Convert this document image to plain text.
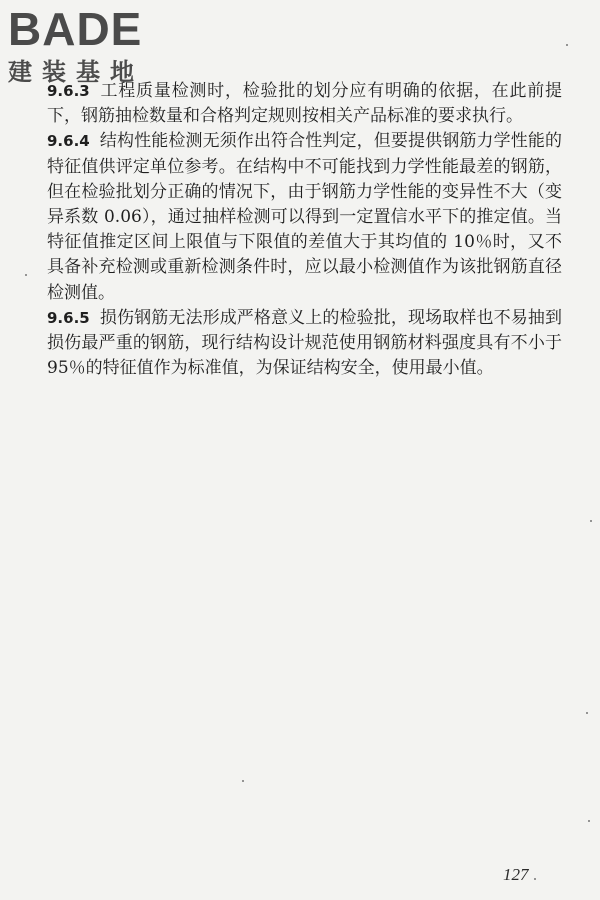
BADE
建装基地

9.6.3 工程质量检测时，检验批的划分应有明确的依据，在此前提下，钢筋抽检数量和合格判定规则按相关产品标准的要求执行。

9.6.4 结构性能检测无须作出符合性判定，但要提供钢筋力学性能的特征值供评定单位参考。在结构中不可能找到力学性能最差的钢筋，但在检验批划分正确的情况下，由于钢筋力学性能的变异性不大（变异系数 0.06），通过抽样检测可以得到一定置信水平下的推定值。当特征值推定区间上限值与下限值的差值大于其均值的 10％时，又不具备补充检测或重新检测条件时，应以最小检测值作为该批钢筋直径检测值。

9.6.5 损伤钢筋无法形成严格意义上的检验批，现场取样也不易抽到损伤最严重的钢筋，现行结构设计规范使用钢筋材料强度具有不小于 95％的特征值作为标准值，为保证结构安全，使用最小值。

127
